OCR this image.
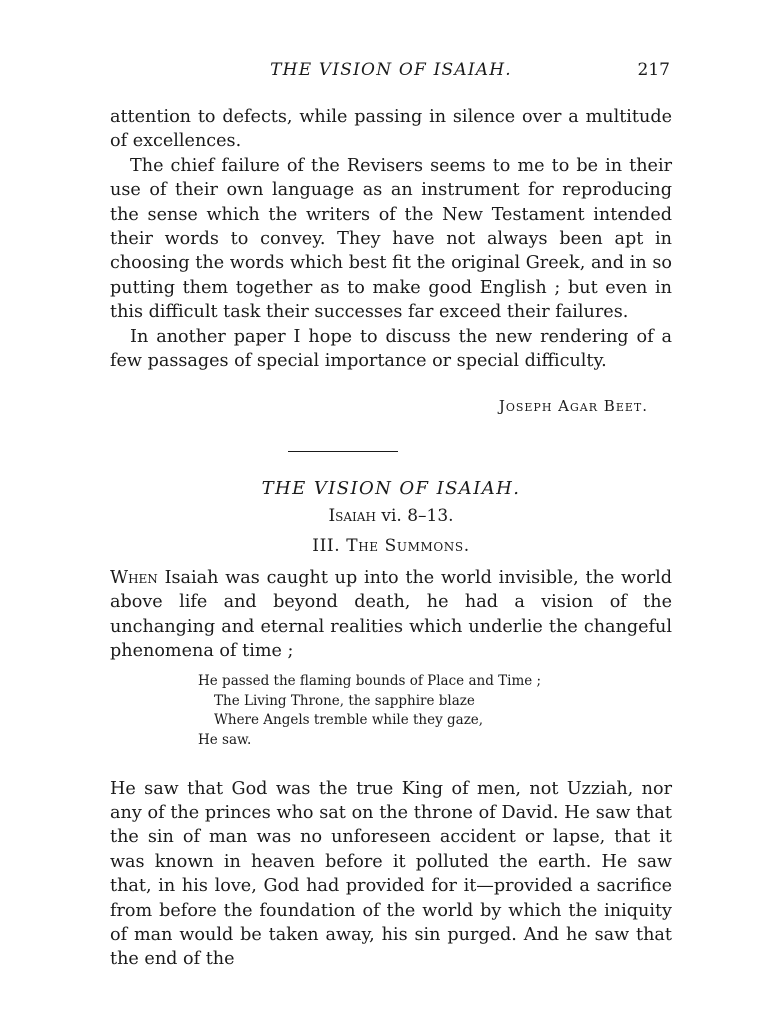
THE VISION OF ISAIAH.	217

attention to defects, while passing in silence over a multitude of excellences.

The chief failure of the Revisers seems to me to be in their use of their own language as an instrument for reproducing the sense which the writers of the New Testament intended their words to convey. They have not always been apt in choosing the words which best fit the original Greek, and in so putting them together as to make good English ; but even in this difficult task their successes far exceed their failures.

In another paper I hope to discuss the new rendering of a few passages of special importance or special difficulty.

Joseph Agar Beet.
THE VISION OF ISAIAH.
Isaiah vi. 8–13.
III. The Summons.

When Isaiah was caught up into the world invisible, the world above life and beyond death, he had a vision of the unchanging and eternal realities which underlie the changeful phenomena of time ;

He passed the flaming bounds of Place and Time ;
The Living Throne, the sapphire blaze
Where Angels tremble while they gaze,
He saw.

He saw that God was the true King of men, not Uzziah, nor any of the princes who sat on the throne of David. He saw that the sin of man was no unforeseen accident or lapse, that it was known in heaven before it polluted the earth. He saw that, in his love, God had provided for it—provided a sacrifice from before the foundation of the world by which the iniquity of man would be taken away, his sin purged. And he saw that the end of the
